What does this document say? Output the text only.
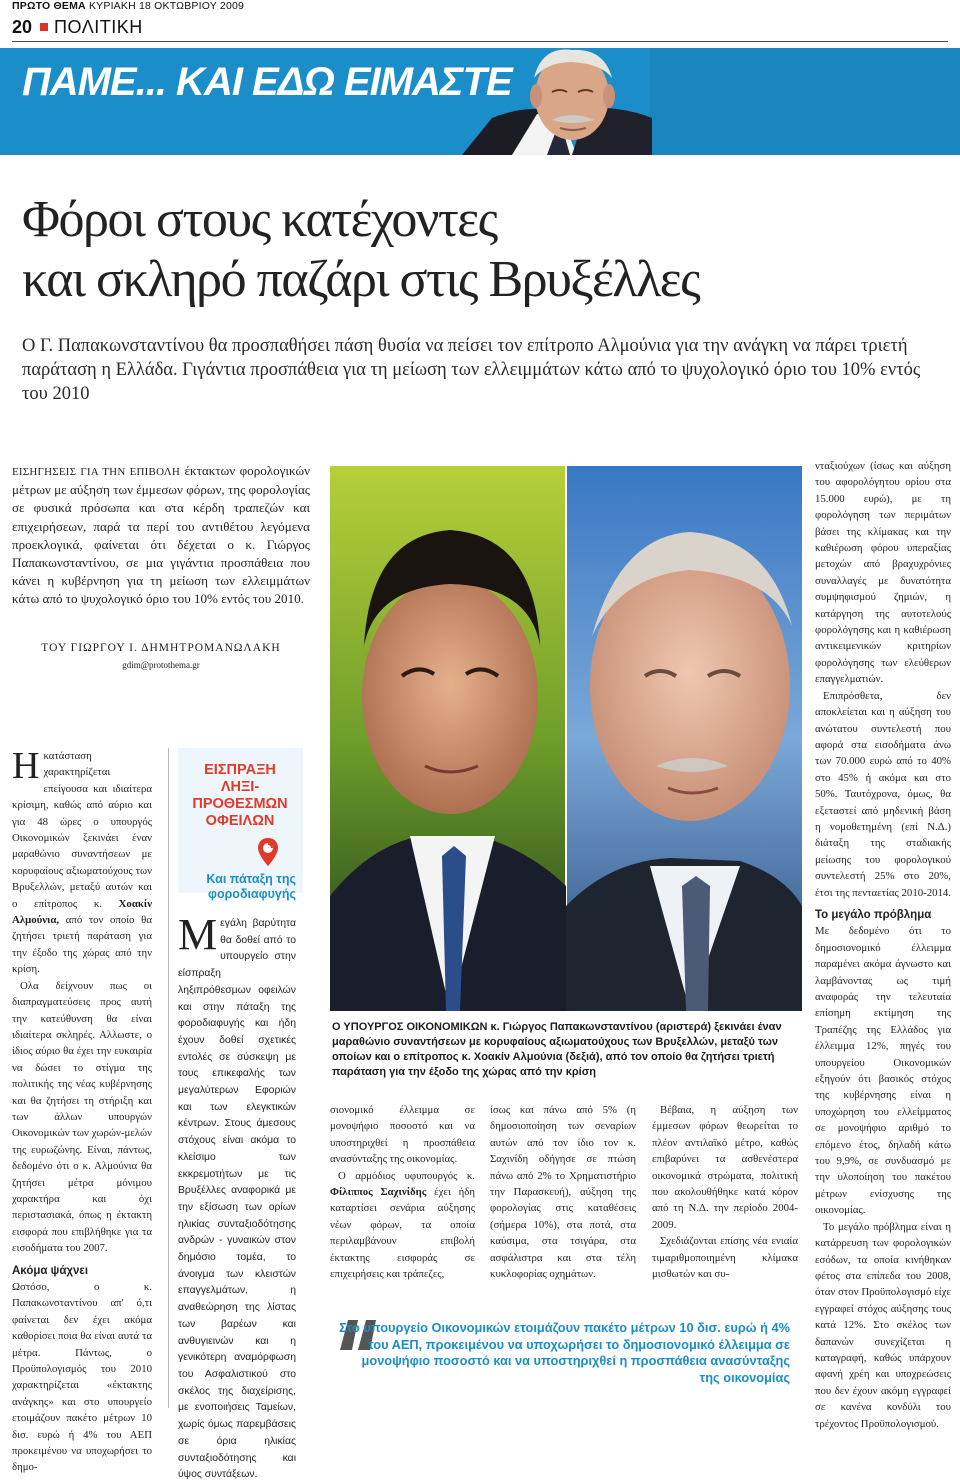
ΠΡΩΤΟ ΘΕΜΑ ΚΥΡΙΑΚΗ 18 ΟΚΤΩΒΡΙΟΥ 2009
20 ΠΟΛΙΤΙΚΗ
ΠΑΜΕ... ΚΑΙ ΕΔΩ ΕΙΜΑΣΤΕ
Φόροι στους κατέχοντες
και σκληρό παζάρι στις Βρυξέλλες
Ο Γ. Παπακωνσταντίνου θα προσπαθήσει πάση θυσία να πείσει τον επίτροπο Αλμούνια για την ανάγκη να πάρει τριετή παράταση η Ελλάδα. Γιγάντια προσπάθεια για τη μείωση των ελλειμμάτων κάτω από το ψυχολογικό όριο του 10% εντός του 2010
ΕΙΣΗΓΗΣΕΙΣ ΓΙΑ ΤΗΝ ΕΠΙΒΟΛΗ έκτακτων φορολογικών μέτρων με αύξηση των έμμεσων φόρων, της φορολογίας σε φυσικά πρόσωπα και στα κέρδη τραπεζών και επιχειρήσεων, παρά τα περί του αντιθέτου λεγόμενα προεκλογικά, φαίνεται ότι δέχεται ο κ. Γιώργος Παπακωνσταντίνου, σε μια γιγάντια προσπάθεια που κάνει η κυβέρνηση για τη μείωση των ελλειμμάτων κάτω από το ψυχολογικό όριο του 10% εντός του 2010.
ΤΟΥ ΓΙΩΡΓΟΥ Ι. ΔΗΜΗΤΡΟΜΑΝΩΛΑΚΗ
gdim@protothema.gr

Ηκατάσταση χαρακτηρίζεται επείγουσα και ιδιαίτερα κρίσιμη, καθώς από αύριο και για 48 ώρες ο υπουργός Οικονομικών ξεκινάει έναν μαραθώνιο συναντήσεων με κορυφαίους αξιωματούχους των Βρυξελλών, μεταξύ αυτών και ο επίτροπος κ. Χοακίν Αλμούνια, από τον οποίο θα ζητήσει τριετή παράταση για την έξοδο της χώρας από την κρίση.

Ολα δείχνουν πως οι διαπραγματεύσεις προς αυτή την κατεύθυνση θα είναι ιδιαίτερα σκληρές. Αλλωστε, ο ίδιος αύριο θα έχει την ευκαιρία να δώσει το στίγμα της πολιτικής της νέας κυβέρνησης και θα ζητήσει τη στήριξη και των άλλων υπουργών Οικονομικών των χωρών-μελών της ευρωζώνης. Είναι, πάντως, δεδομένο ότι ο κ. Αλμούνια θα ζητήσει μέτρα μόνιμου χαρακτήρα και όχι περιστασιακά, όπως η έκτακτη εισφορά που επιβλήθηκε για τα εισοδήματα του 2007.

Ακόμα ψάχνει

Ωστόσο, ο κ. Παπακωνσταντίνου απ' ό,τι φαίνεται δεν έχει ακόμα καθορίσει ποια θα είναι αυτά τα μέτρα. Πάντως, ο Προϋπολογισμός του 2010 χαρακτηρίζεται «έκτακτης ανάγκης» και στο υπουργείο ετοιμάζουν πακέτο μέτρων 10 δισ. ευρώ ή 4% του ΑΕΠ προκειμένου να υποχωρήσει το δημο-

ΕΙΣΠΡΑΞΗ ΛΗΞΙ-ΠΡΟΘΕΣΜΩΝ ΟΦΕΙΛΩΝ
Και πάταξη της φοροδιαφυγής

Μεγάλη βαρύτητα θα δοθεί από το υπουργείο στην είσπραξη ληξιπρόθεσμων οφειλών και στην πάταξη της φοροδιαφυγής και ήδη έχουν δοθεί σχετικές εντολές σε σύσκεψη με τους επικεφαλής των μεγαλύτερων Εφοριών και των ελεγκτικών κέντρων. Στους άμεσους στόχους είναι ακόμα το κλείσιμο των εκκρεμοτήτων με τις Βρυξέλλες αναφορικά με την εξίσωση των ορίων ηλικίας συνταξιοδότησης ανδρών - γυναικών στον δημόσιο τομέα, το άνοιγμα των κλειστών επαγγελμάτων, η αναθεώρηση της λίστας των βαρέων και ανθυγιεινών και η γενικότερη αναμόρφωση του Ασφαλιστικού στο σκέλος της διαχείρισης, με ενοποιήσεις Ταμείων, χωρίς όμως παρεμβάσεις σε όρια ηλικίας συνταξιοδότησης και ύψος συντάξεων.

Ο ΥΠΟΥΡΓΟΣ ΟΙΚΟΝΟΜΙΚΩΝ κ. Γιώργος Παπακωνσταντίνου (αριστερά) ξεκινάει έναν μαραθώνιο συναντήσεων με κορυφαίους αξιωματούχους των Βρυξελλών, μεταξύ των οποίων και ο επίτροπος κ. Χοακίν Αλμούνια (δεξιά), από τον οποίο θα ζητήσει τριετή παράταση για την έξοδο της χώρας από την κρίση

σιονομικό έλλειμμα σε μονοψήφιο ποσοστό και να υποστηριχθεί η προσπάθεια ανασύνταξης της οικονομίας.

Ο αρμόδιος υφυπουργός κ. Φίλιππος Σαχινίδης έχει ήδη καταρτίσει σενάρια αύξησης νέων φόρων, τα οποία περιλαμβάνουν επιβολή έκτακτης εισφοράς σε επιχειρήσεις και τράπεζες,

ίσως και πάνω από 5% (η δημοσιοποίηση των σεναρίων αυτών από τον ίδιο τον κ. Σαχινίδη οδήγησε σε πτώση πάνω από 2% το Χρηματιστήριο την Παρασκευή), αύξηση της φορολογίας στις καταθέσεις (σήμερα 10%), στα ποτά, στα καύσιμα, στα τσιγάρα, στα ασφάλιστρα και στα τέλη κυκλοφορίας οχημάτων.

Βέβαια, η αύξηση των έμμεσων φόρων θεωρείται το πλέον αντιλαϊκό μέτρο, καθώς επιβαρύνει τα ασθενέστερα οικονομικά στρώματα, πολιτική που ακολουθήθηκε κατά κόρον από τη Ν.Δ. την περίοδο 2004-2009.

Σχεδιάζονται επίσης νέα ενιαία τιμαριθμοποιημένη κλίμακα μισθωτών και συ-

Στο υπουργείο Οικονομικών ετοιμάζουν πακέτο μέτρων 10 δισ. ευρώ ή 4% του ΑΕΠ, προκειμένου να υποχωρήσει το δημοσιονομικό έλλειμμα σε μονοψήφιο ποσοστό και να υποστηριχθεί η προσπάθεια ανασύνταξης της οικονομίας

νταξιούχων (ίσως και αύξηση του αφορολόγητου ορίου στα 15.000 ευρώ), με τη φορολόγηση των περιμάτων βάσει της κλίμακας και την καθιέρωση φόρου υπεραξίας μετοχών από βραχυχρόνιες συναλλαγές με δυνατότητα συμψηφισμού ζημιών, η κατάργηση της αυτοτελούς φορολόγησης και η καθιέρωση αντικειμενικών κριτηρίων φορολόγησης των ελεύθερων επαγγελματιών.

Επιπρόσθετα, δεν αποκλείεται και η αύξηση του ανώτατου συντελεστή που αφορά στα εισοδήματα άνω των 70.000 ευρώ από το 40% στο 45% ή ακόμα και στο 50%. Ταυτόχρονα, όμως, θα εξεταστεί από μηδενική βάση η νομοθετημένη (επί Ν.Δ.) διάταξη της σταδιακής μείωσης του φορολογικού συντελεστή 25% στο 20%, έτσι της πενταετίας 2010-2014.

Το μεγάλο πρόβλημα

Με δεδομένο ότι το δημοσιονομικό έλλειμμα παραμένει ακόμα άγνωστο και λαμβάνοντας ως τιμή αναφοράς την τελευταία επίσημη εκτίμηση της Τραπέζης της Ελλάδος για έλλειμμα 12%, πηγές του υπουργείου Οικονομικών εξηγούν ότι βασικός στόχος της κυβέρνησης είναι η υποχώρηση του ελλείμματος σε μονοψήφιο αριθμό το επόμενο έτος, δηλαδή κάτω του 9,9%, σε συνδυασμό με την υλοποίηση του πακέτου μέτρων ενίσχυσης της οικονομίας.

Το μεγάλο πρόβλημα είναι η κατάρρευση των φορολογικών εσόδων, τα οποία κινήθηκαν φέτος στα επίπεδα του 2008, όταν στον Προϋπολογισμό είχε εγγραφεί στόχος αύξησης τους κατά 12%. Στο σκέλος των δαπανών συνεχίζεται η καταγραφή, καθώς υπάρχουν αφανή χρέη και υποχρεώσεις που δεν έχουν ακόμη εγγραφεί σε κανένα κονδύλι του τρέχοντος Προϋπολογισμού.
